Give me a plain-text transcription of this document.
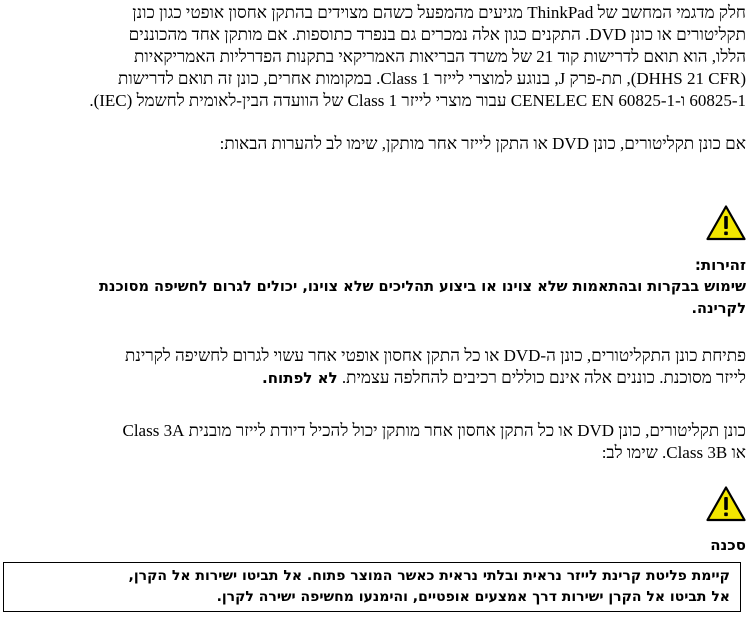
חלק מדגמי המחשב של ThinkPad מגיעים מהמפעל כשהם מצוידים בהתקן אחסון אופטי כגון כונן
תקליטורים או כונן DVD. התקנים כגון אלה נמכרים גם בנפרד כתוספות. אם מותקן אחד מהכוננים
הללו, הוא תואם לדרישות קוד 21 של משרד הבריאות האמריקאי בתקנות הפדרליות האמריקאיות
(DHHS 21 CFR), תת-פרק J, בנוגע למוצרי לייזר Class 1. במקומות אחרים, כונן זה תואם לדרישות
60825-1 ו-CENELEC EN 60825-1 עבור מוצרי לייזר Class 1 של הוועדה הבין-לאומית לחשמל (IEC).

אם כונן תקליטורים, כונן DVD או התקן לייזר אחר מותקן, שימו לב להערות הבאות:

זהירות:

שימוש בבקרות ובהתאמות שלא צוינו או ביצוע תהליכים שלא צוינו, יכולים לגרום לחשיפה מסוכנת
לקרינה.

פתיחת כונן התקליטורים, כונן ה-DVD או כל התקן אחסון אופטי אחר עשוי לגרום לחשיפה לקרינת
לייזר מסוכנת. כוננים אלה אינם כוללים רכיבים להחלפה עצמית. לא לפתוח.

כונן תקליטורים, כונן DVD או כל התקן אחסון אחר מותקן יכול להכיל דיודת לייזר מובנית Class 3A
או Class 3B. שימו לב:

סכנה

קיימת פליטת קרינת לייזר נראית ובלתי נראית כאשר המוצר פתוח. אל תביטו ישירות אל הקרן,
אל תביטו אל הקרן ישירות דרך אמצעים אופטיים, והימנעו מחשיפה ישירה לקרן.
